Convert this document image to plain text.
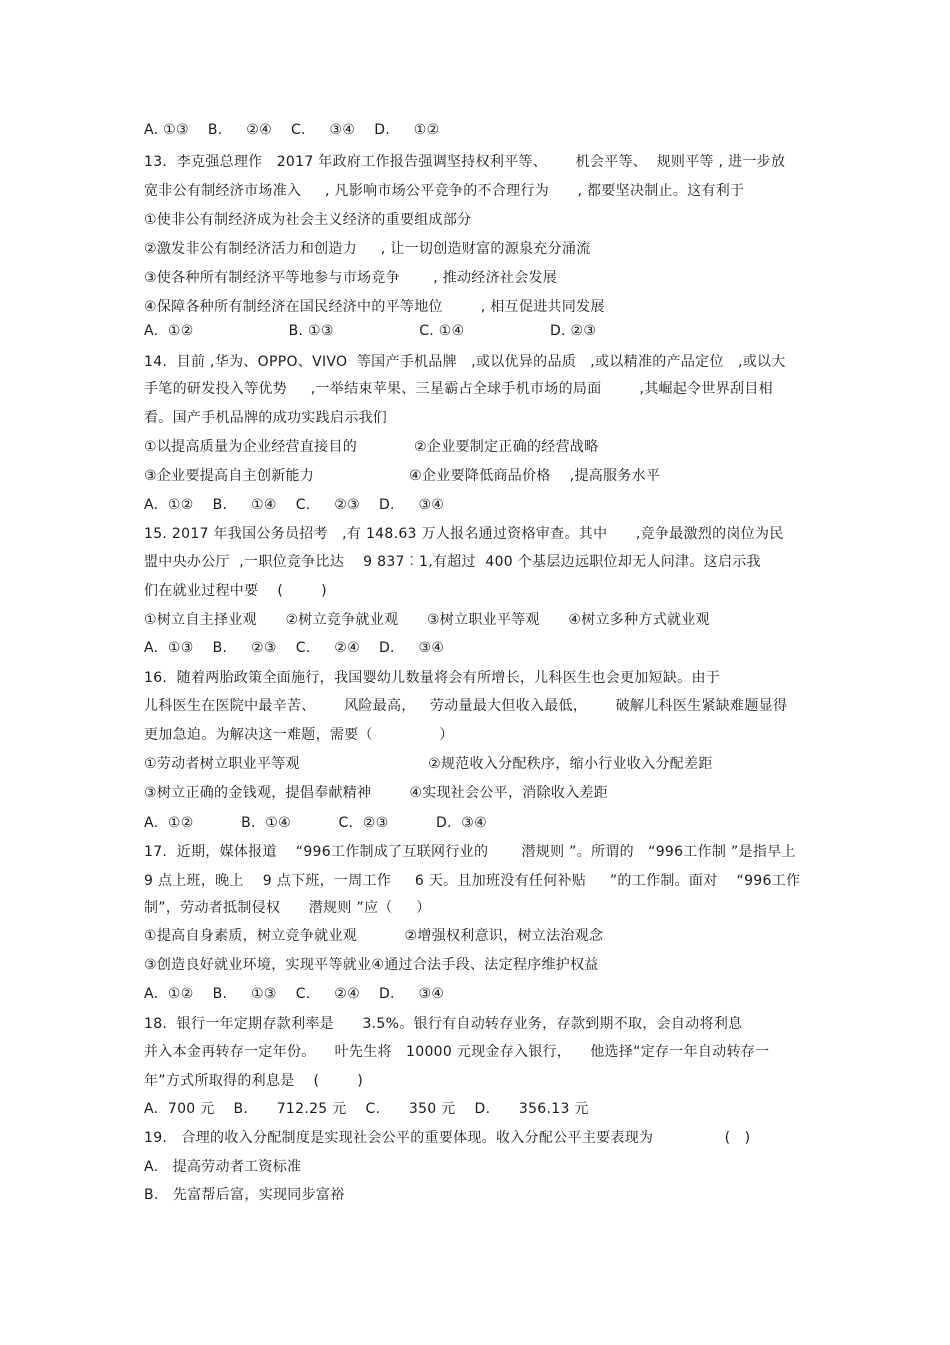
A. ①③    B.     ②④    C.     ③④    D.     ①②
13.  李克强总理作   2017 年政府工作报告强调坚持权利平等、      机会平等、  规则平等 , 进一步放
宽非公有制经济市场准入     , 凡影响市场公平竞争的不合理行为      , 都要坚决制止。这有利于
①使非公有制经济成为社会主义经济的重要组成部分
②激发非公有制经济活力和创造力     , 让一切创造财富的源泉充分涌流
③使各种所有制经济平等地参与市场竞争       , 推动经济社会发展
④保障各种所有制经济在国民经济中的平等地位        , 相互促进共同发展
A.  ①②                    B. ①③                  C. ①④                  D. ②③
14.  目前 ,华为、OPPO、VIVO  等国产手机品牌   ,或以优异的品质   ,或以精准的产品定位   ,或以大
手笔的研发投入等优势     ,一举结束苹果、三星霸占全球手机市场的局面        ,其崛起令世界刮目相
看。国产手机品牌的成功实践启示我们
①以提高质量为企业经营直接目的            ②企业要制定正确的经营战略
③企业要提高自主创新能力                    ④企业要降低商品价格    ,提高服务水平
A.  ①②    B.     ①④    C.     ②③    D.     ③④
15. 2017 年我国公务员招考   ,有 148.63 万人报名通过资格审查。其中      ,竞争最激烈的岗位为民
盟中央办公厅  ,一职位竞争比达    9 837︰1,有超过  400 个基层边远职位却无人问津。这启示我
们在就业过程中要    (        )
①树立自主择业观      ②树立竞争就业观      ③树立职业平等观      ④树立多种方式就业观
A.  ①③    B.     ②③    C.     ②④    D.     ③④
16.  随着两胎政策全面施行，我国婴幼儿数量将会有所增长，儿科医生也会更加短缺。由于
儿科医生在医院中最辛苦、      风险最高，   劳动量最大但收入最低，      破解儿科医生紧缺难题显得
更加急迫。为解决这一难题，需要（              ）
①劳动者树立职业平等观                           ②规范收入分配秩序，缩小行业收入分配差距
③树立正确的金钱观，提倡奉献精神        ④实现社会公平，消除收入差距
A.  ①②          B.  ①④          C.  ②③          D.  ③④
17.  近期，媒体报道    “996工作制成了互联网行业的       潜规则 ”。所谓的   “996工作制 ”是指早上
9 点上班，晚上    9 点下班，一周工作     6 天。且加班没有任何补贴     ”的工作制。面对    “996工作
制”，劳动者抵制侵权      潜规则 ”应（     ）
①提高自身素质，树立竞争就业观          ②增强权利意识，树立法治观念
③创造良好就业环境，实现平等就业④通过合法手段、法定程序维护权益
A.  ①②    B.     ①③    C.     ②④    D.     ③④
18.  银行一年定期存款利率是      3.5%。银行有自动转存业务，存款到期不取，会自动将利息
并入本金再转存一定年份。    叶先生将   10000 元现金存入银行，    他选择“定存一年自动转存一
年”方式所取得的利息是    (        )
A.  700 元    B.      712.25 元    C.      350 元    D.      356.13 元
19.   合理的收入分配制度是实现社会公平的重要体现。收入分配公平主要表现为               (   )
A.   提高劳动者工资标准
B.   先富帮后富，实现同步富裕
